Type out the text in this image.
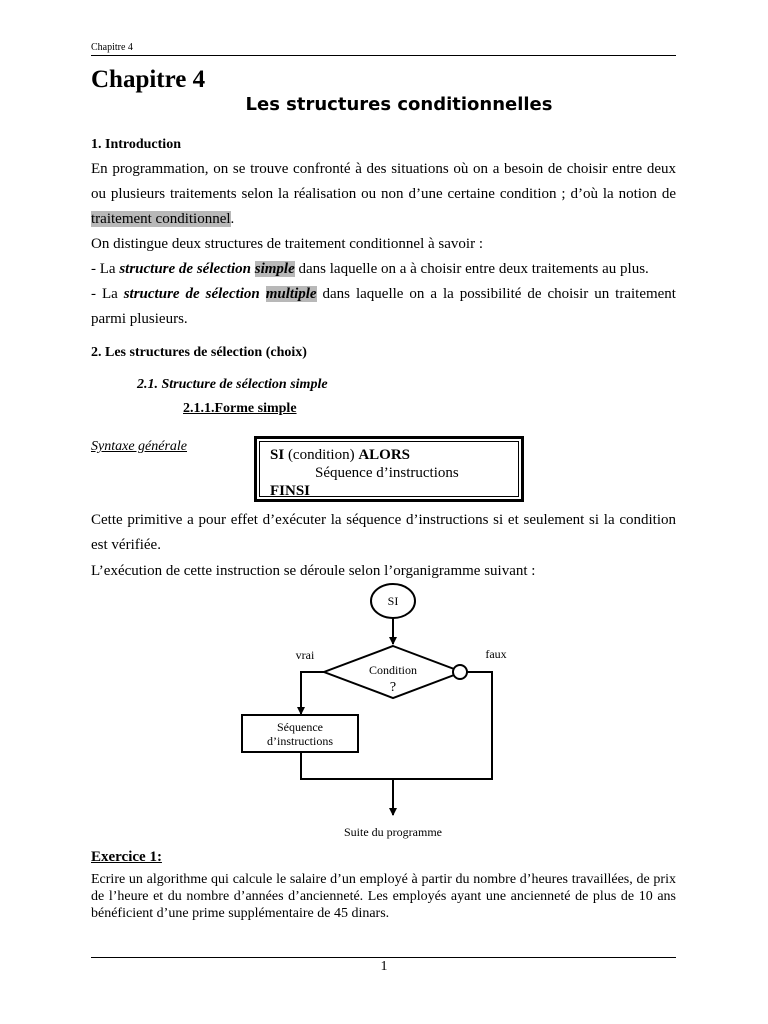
Chapitre 4
Chapitre 4
Les structures conditionnelles
1. Introduction

En programmation, on se trouve confronté à des situations où on a besoin de choisir entre deux ou plusieurs traitements selon la réalisation ou non d’une certaine condition ; d’où la notion de traitement conditionnel.

On distingue deux structures de traitement conditionnel à savoir :

- La structure de sélection simple dans laquelle on a à choisir entre deux traitements au plus.

- La structure de sélection multiple dans laquelle on a la possibilité de choisir un traitement parmi plusieurs.

2. Les structures de sélection (choix)
2.1. Structure de sélection simple
2.1.1.Forme simple
Syntaxe générale
SI (condition) ALORS
Séquence d’instructions
FINSI

Cette primitive a pour effet d’exécuter la séquence d’instructions si et seulement si la condition est vérifiée.

L’exécution de cette instruction se déroule selon l’organigramme suivant :

SI
Condition
?
vrai	faux
Séquence
d’instructions
Suite du programme
Exercice 1:

Ecrire un algorithme qui calcule le salaire d’un employé à partir du nombre d’heures travaillées, de prix de l’heure et du nombre d’années d’ancienneté. Les employés ayant une ancienneté de plus de 10 ans bénéficient d’une prime supplémentaire de 45 dinars.

1
